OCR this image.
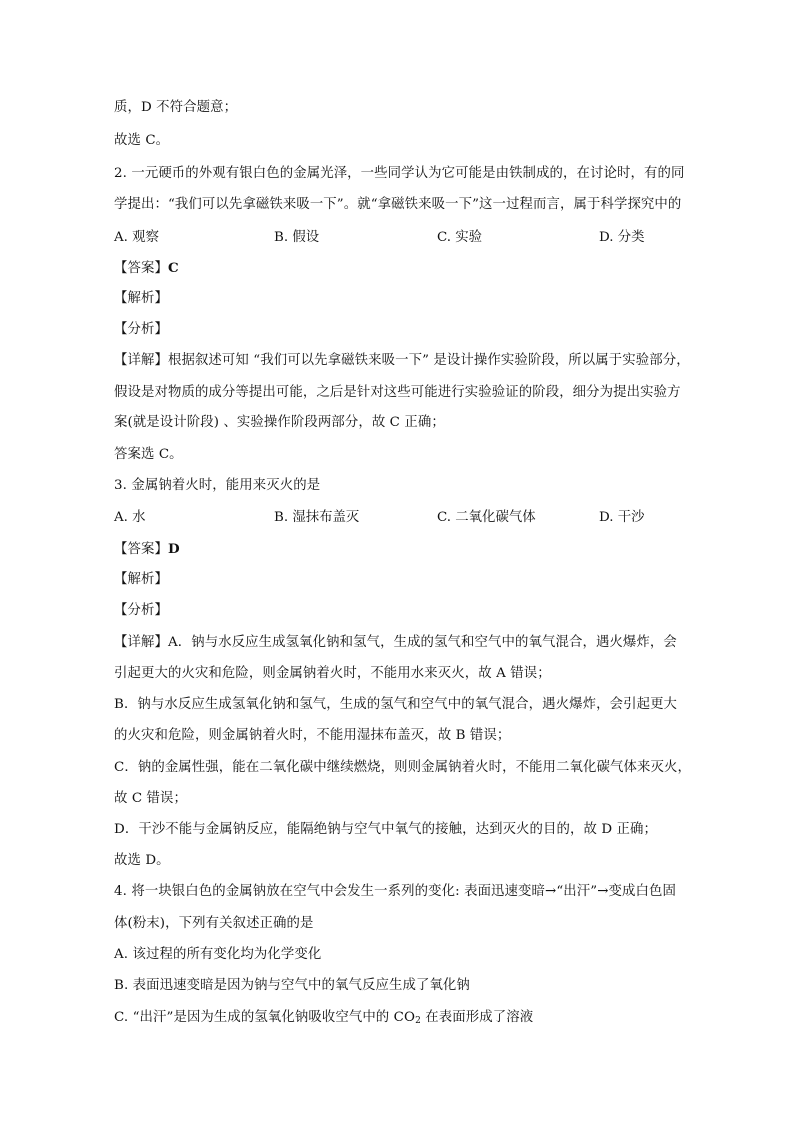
质，D 不符合题意；
故选 C。
2. 一元硬币的外观有银白色的金属光泽，一些同学认为它可能是由铁制成的，在讨论时，有的同
学提出：“我们可以先拿磁铁来吸一下”。就“拿磁铁来吸一下”这一过程而言，属于科学探究中的
A. 观察	B. 假设	C. 实验	D. 分类
【答案】C
【解析】
【分析】
【详解】根据叙述可知 “我们可以先拿磁铁来吸一下” 是设计操作实验阶段，所以属于实验部分，
假设是对物质的成分等提出可能，之后是针对这些可能进行实验验证的阶段，细分为提出实验方
案(就是设计阶段) 、实验操作阶段两部分，故 C 正确；
答案选 C。
3. 金属钠着火时，能用来灭火的是
A. 水	B. 湿抹布盖灭	C. 二氧化碳气体	D. 干沙
【答案】D
【解析】
【分析】
【详解】A．钠与水反应生成氢氧化钠和氢气，生成的氢气和空气中的氧气混合，遇火爆炸，会
引起更大的火灾和危险，则金属钠着火时，不能用水来灭火，故 A 错误；
B．钠与水反应生成氢氧化钠和氢气，生成的氢气和空气中的氧气混合，遇火爆炸，会引起更大
的火灾和危险，则金属钠着火时，不能用湿抹布盖灭，故 B 错误；
C．钠的金属性强，能在二氧化碳中继续燃烧，则则金属钠着火时，不能用二氧化碳气体来灭火，
故 C 错误；
D．干沙不能与金属钠反应，能隔绝钠与空气中氧气的接触，达到灭火的目的，故 D 正确；
故选 D。
4. 将一块银白色的金属钠放在空气中会发生一系列的变化: 表面迅速变暗→“出汗”→变成白色固
体(粉末)，下列有关叙述正确的是
A. 该过程的所有变化均为化学变化
B. 表面迅速变暗是因为钠与空气中的氧气反应生成了氧化钠
C. “出汗”是因为生成的氢氧化钠吸收空气中的 $CO_2$ 在表面形成了溶液
